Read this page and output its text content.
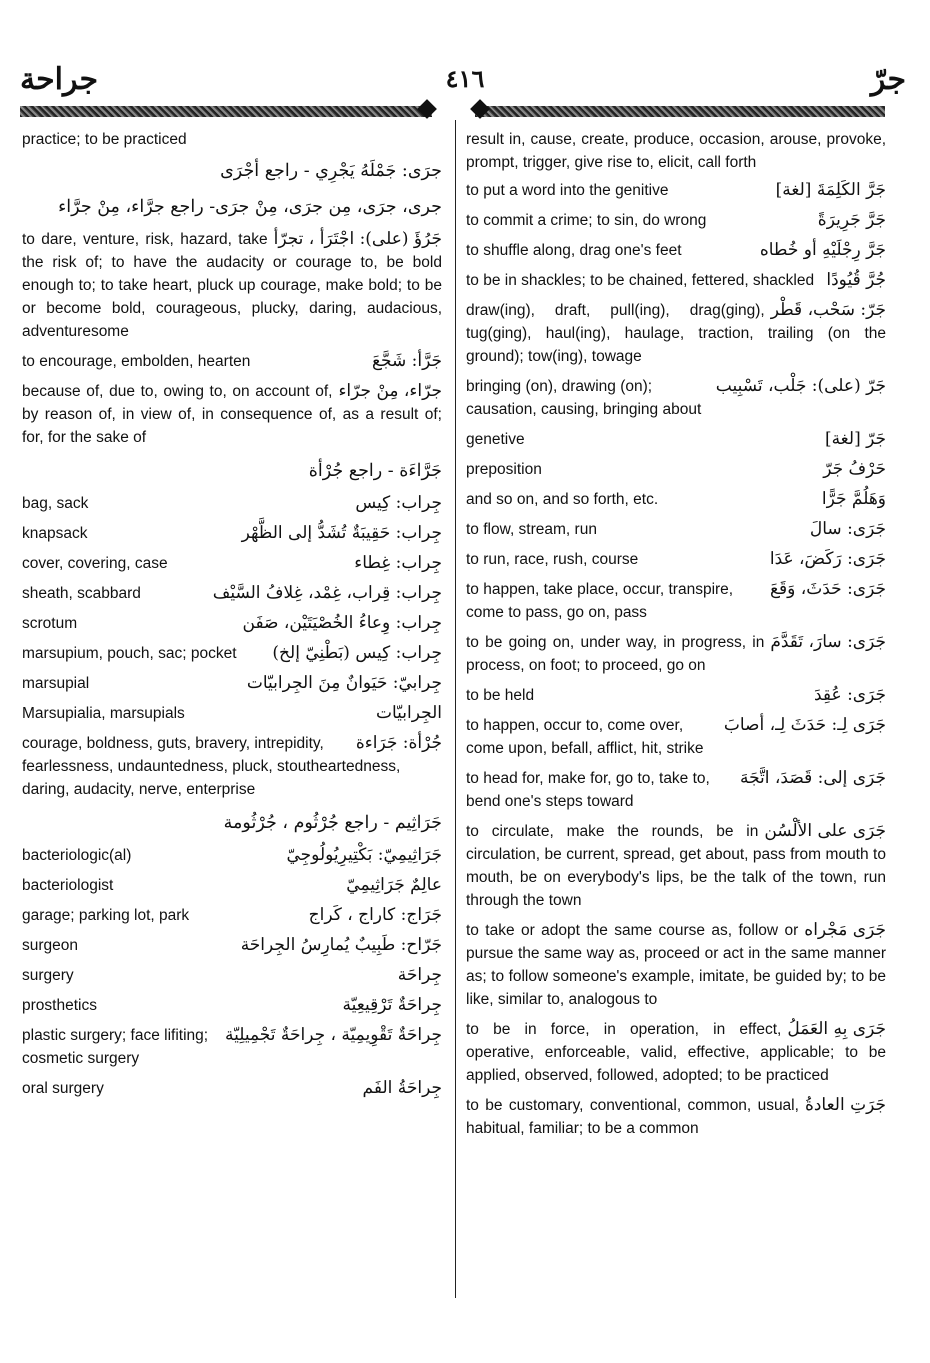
جراحة	٤١٦	جرّ
practice; to be practiced
جرَى: جَمْلَهُ يَجْرِي - راجع أجْرَى
جرى، جرَى، مِن جرَى، مِنْ جرَى- راجع جرَّاء، مِنْ جرَّاء
جَرُؤَ (على): اجْتَرَأ ، تجرّأ
to dare, venture, risk, hazard, take the risk of; to have the audacity or courage to, be bold enough to; to take heart, pluck up courage, make bold; to be or become bold, courageous, plucky, daring, audacious, adventuresome
جَرَّأ: شَجَّعَ
to encourage, embolden, hearten
جرّاء، مِنْ جرّاء
because of, due to, owing to, on account of, by reason of, in view of, in consequence of, as a result of; for, for the sake of
جَرَّاءَة - راجع جُرْأة
جِراب: كِيس
bag, sack
جِراب: حَقِيبَةٌ تُشَدُّ إلى الظَّهْر
knapsack
جِراب: غِطاء
cover, covering, case
جِراب: قِراب، غِمْد، غِلافُ السَّيْف
sheath, scabbard
جِراب: وِعاءُ الخُصْيَتَيْن، صَفَن
scrotum
جِراب: كِيس (بَطْنِيّ إلخ)
marsupium, pouch, sac; pocket
جِرابيّ: حَيَوانٌ مِنَ الجِرابيّات
marsupial
الجِرابيّات
Marsupialia, marsupials
جُرْأة: جَرَاءة
courage, boldness, guts, bravery, intrepidity, fearlessness, undauntedness, pluck, stoutheartedness, daring, audacity, nerve, enterprise
جَرَاثِيم - راجع جُرْثُوم ، جُرْثُومة
جَرَاثِيمِيّ: بَكْتِيرِيُولُوجِيّ
bacteriologic(al)
عالِمٌ جَرَاثِيمِيّ
bacteriologist
جَرَاج: كاراج ، كَراج
garage; parking lot, park
جَرّاح: طَبِيبٌ يُمارِسُ الجِراحَة
surgeon
جِراحَة
surgery
جِراحَةٌ تَرْقِيعِيّة
prosthetics
جِراحَةٌ تَقْوِيمِيّة ، جِراحَةٌ تَجْمِيلِيّة
plastic surgery; face lifiting; cosmetic surgery
جِراحَةُ الفَم
oral surgery
result in, cause, create, produce, occasion, arouse, provoke, prompt, trigger, give rise to, elicit, call forth
جَرَّ الكَلِمَةَ [لغة]
to put a word into the genitive
جَرَّ جَرِيرَةً
to commit a crime; to sin, do wrong
جَرَّ رِجْلَيْهِ أو خُطاه
to shuffle along, drag one's feet
جُرَّ قُيُودًا
to be in shackles; to be chained, fettered, shackled
جَرّ: سَحْب، قَطْر
draw(ing), draft, pull(ing), drag(ging), tug(ging), haul(ing), haulage, traction, trailing (on the ground); tow(ing), towage
جَرّ (على): جَلْب، تَسْبِيب
bringing (on), drawing (on); causation, causing, bringing about
جَرّ [لغة]
genetive
حَرْفُ جَرّ
preposition
وَهَلُمَّ جَرًّا
and so on, and so forth, etc.
جَرَى: سالَ
to flow, stream, run
جَرَى: رَكَضَ، عَدَا
to run, race, rush, course
جَرَى: حَدَثَ، وَقَعَ
to happen, take place, occur, transpire, come to pass, go on, pass
جَرَى: سارَ، تَقَدَّمَ
to be going on, under way, in progress, in process, on foot; to proceed, go on
جَرَى: عُقِدَ
to be held
جَرَى لِـ: حَدَثَ لِـ، أصابَ
to happen, occur to, come over, come upon, befall, afflict, hit, strike
جَرَى إلى: قَصَدَ، اتَّجَهَ
to head for, make for, go to, take to, bend one's steps toward
جَرَى على الألْسُن
to circulate, make the rounds, be in circulation, be current, spread, get about, pass from mouth to mouth, be on everybody's lips, be the talk of the town, run through the town
جَرَى مَجْراه
to take or adopt the same course as, follow or pursue the same way as, proceed or act in the same manner as; to follow someone's example, imitate, be guided by; to be like, similar to, analogous to
جَرَى بِهِ العَمَلُ
to be in force, in operation, in effect, operative, enforceable, valid, effective, applicable; to be applied, observed, followed, adopted; to be practiced
جَرَتِ العادةُ
to be customary, conventional, common, usual, habitual, familiar; to be a common
